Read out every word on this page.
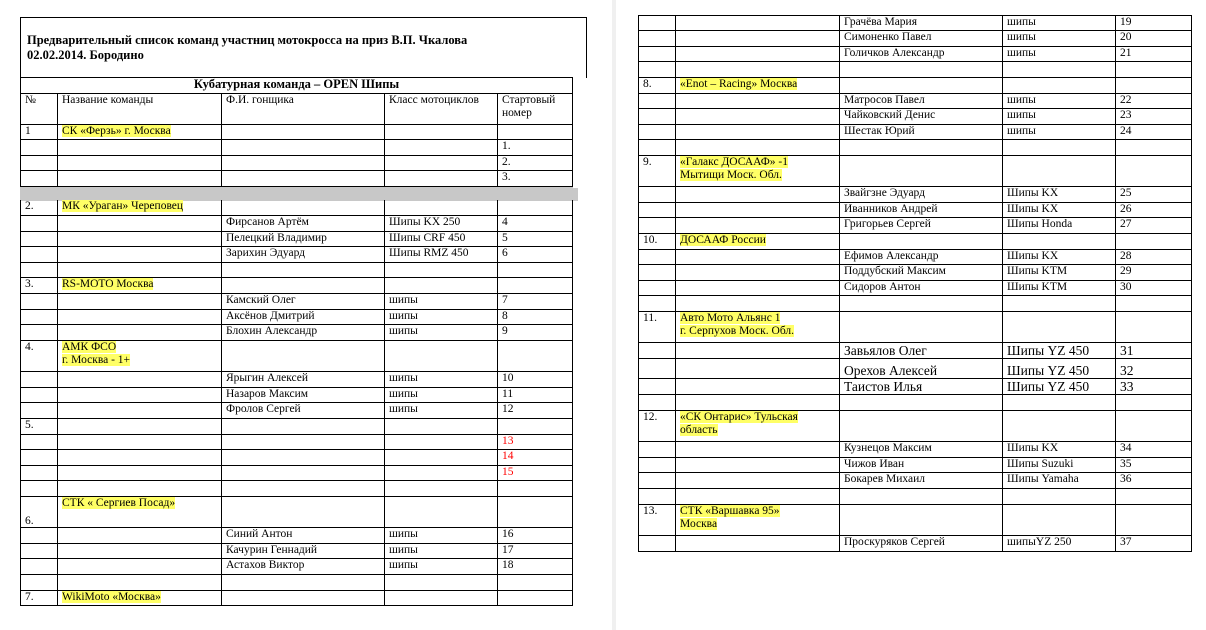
Предварительный список команд участниц мотокросса на приз В.П. Чкалова
02.02.2014. Бородино
Кубатурная команда – OPEN Шипы				
№	Название команды	Ф.И. гонщика	Класс мотоциклов	Стартовый номер
1	СК «Ферзь» г. Москва			
				1.
				2.
				3.

2.	МК «Ураган» Череповец			
		Фирсанов Артём	Шипы KX 250	4
		Пелецкий Владимир	Шипы CRF 450	5
		Зарихин Эдуард	Шипы RMZ 450	6

3.	RS-MOTO Москва			
		Камский Олег	шипы	7
		Аксёнов Дмитрий	шипы	8
		Блохин Александр	шипы	9
4.	АМК ФСО
г. Москва - 1+			
		Ярыгин Алексей	шипы	10
		Назаров Максим	шипы	11
		Фролов Сергей	шипы	12
5.				
				13
				14
				15

6.	СТК « Сергиев Посад»			
		Синий Антон	шипы	16
		Качурин Геннадий	шипы	17
		Астахов Виктор	шипы	18

7.	WikiMoto «Москва»			
		Грачёва Мария	шипы	19
		Симоненко Павел	шипы	20
		Голичков Александр	шипы	21

8.	«Enot – Racing» Москва			
		Матросов Павел	шипы	22
		Чайковский Денис	шипы	23
		Шестак Юрий	шипы	24

9.	«Галакс ДОСААФ» -1
Мытищи Моск. Обл.			
		Звайгзне Эдуард	Шипы KX	25
		Иванников Андрей	Шипы KX	26
		Григорьев Сергей	Шипы Honda	27
10.	ДОСААФ России			
		Ефимов Александр	Шипы KX	28
		Поддубский Максим	Шипы KTM	29
		Сидоров Антон	Шипы KTM	30

11.	Авто Мото Альянс 1
г. Серпухов Моск. Обл.			
		Завьялов Олег	Шипы YZ 450	31
		Орехов Алексей	Шипы YZ 450	32
		Таистов Илья	Шипы YZ 450	33

12.	«СК Онтарис» Тульская
область			
		Кузнецов Максим	Шипы KX	34
		Чижов Иван	Шипы Suzuki	35
		Бокарев Михаил	Шипы Yamaha	36

13.	СТК «Варшавка 95»
Москва			
		Проскуряков Сергей	шипыYZ 250	37
